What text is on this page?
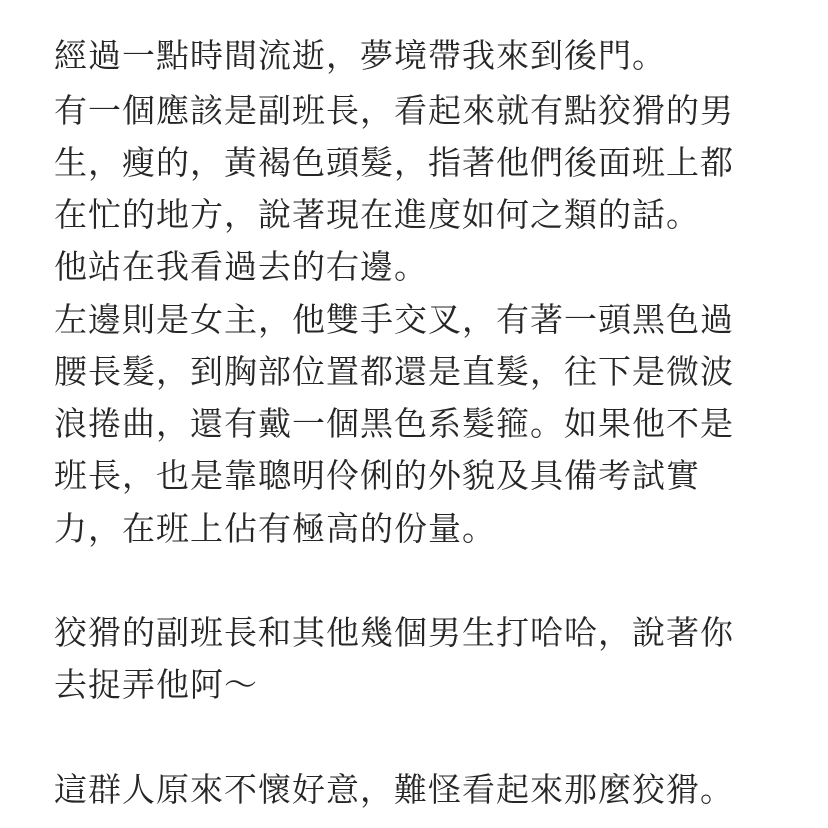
經過一點時間流逝，夢境帶我來到後門。

有一個應該是副班長，看起來就有點狡猾的男

生，瘦的，黃褐色頭髮，指著他們後面班上都

在忙的地方，說著現在進度如何之類的話。

他站在我看過去的右邊。

左邊則是女主，他雙手交叉，有著一頭黑色過

腰長髮，到胸部位置都還是直髮，往下是微波

浪捲曲，還有戴一個黑色系髮箍。如果他不是

班長，也是靠聰明伶俐的外貌及具備考試實

力，在班上佔有極高的份量。

狡猾的副班長和其他幾個男生打哈哈，說著你

去捉弄他阿～

這群人原來不懷好意，難怪看起來那麼狡猾。
